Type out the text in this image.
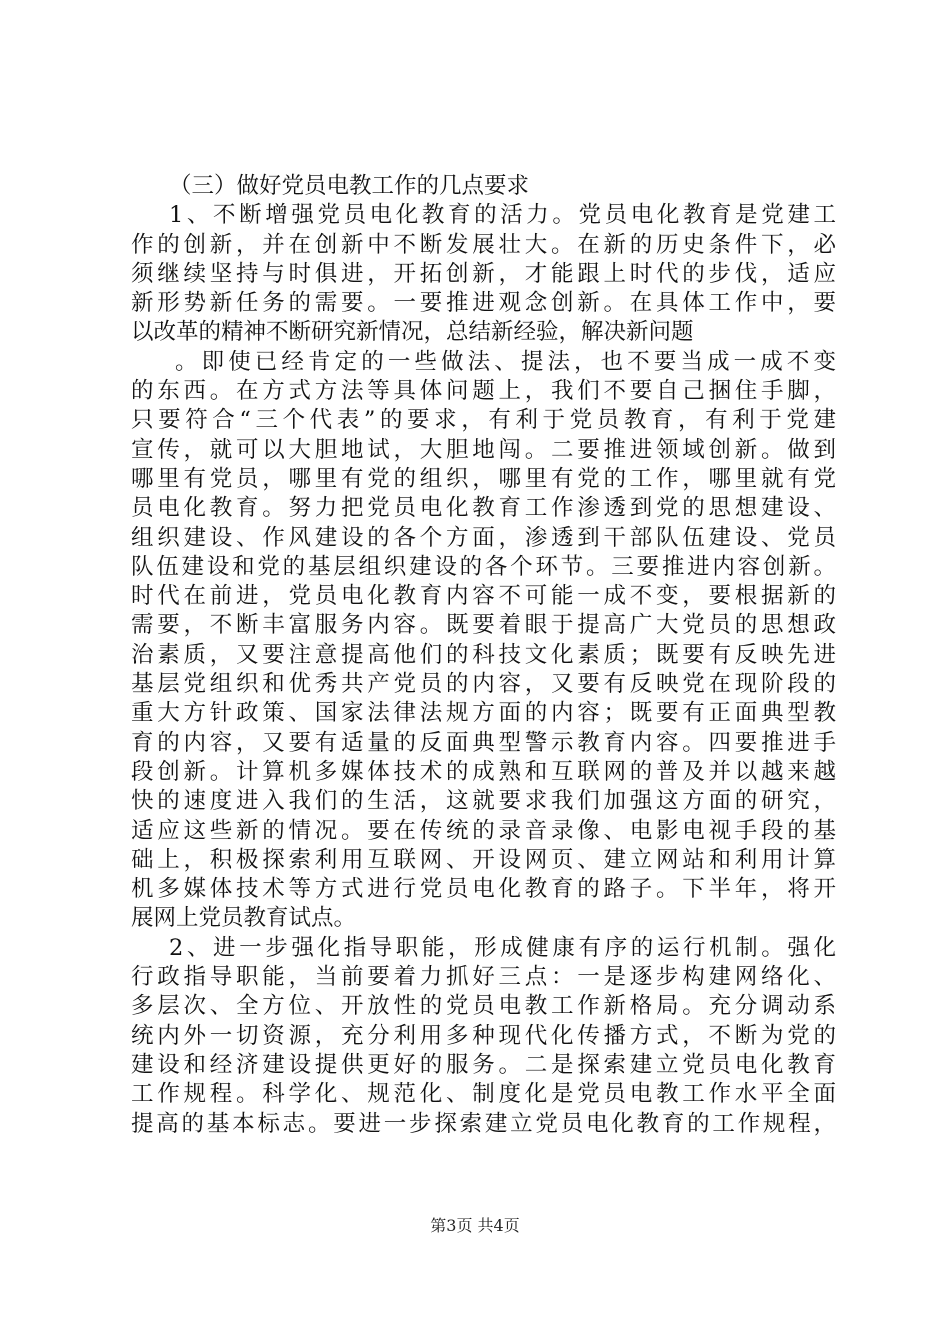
（三）做好党员电教工作的几点要求
1、不断增强党员电化教育的活力。党员电化教育是党建工
作的创新，并在创新中不断发展壮大。在新的历史条件下，必
须继续坚持与时俱进，开拓创新，才能跟上时代的步伐，适应
新形势新任务的需要。一要推进观念创新。在具体工作中，要
以改革的精神不断研究新情况，总结新经验，解决新问题
。即使已经肯定的一些做法、提法，也不要当成一成不变
的东西。在方式方法等具体问题上，我们不要自己捆住手脚，
只要符合“三个代表”的要求，有利于党员教育，有利于党建
宣传，就可以大胆地试，大胆地闯。二要推进领域创新。做到
哪里有党员，哪里有党的组织，哪里有党的工作，哪里就有党
员电化教育。努力把党员电化教育工作渗透到党的思想建设、
组织建设、作风建设的各个方面，渗透到干部队伍建设、党员
队伍建设和党的基层组织建设的各个环节。三要推进内容创新。
时代在前进，党员电化教育内容不可能一成不变，要根据新的
需要，不断丰富服务内容。既要着眼于提高广大党员的思想政
治素质，又要注意提高他们的科技文化素质；既要有反映先进
基层党组织和优秀共产党员的内容，又要有反映党在现阶段的
重大方针政策、国家法律法规方面的内容；既要有正面典型教
育的内容，又要有适量的反面典型警示教育内容。四要推进手
段创新。计算机多媒体技术的成熟和互联网的普及并以越来越
快的速度进入我们的生活，这就要求我们加强这方面的研究，
适应这些新的情况。要在传统的录音录像、电影电视手段的基
础上，积极探索利用互联网、开设网页、建立网站和利用计算
机多媒体技术等方式进行党员电化教育的路子。下半年，将开
展网上党员教育试点。
2、进一步强化指导职能，形成健康有序的运行机制。强化
行政指导职能，当前要着力抓好三点：一是逐步构建网络化、
多层次、全方位、开放性的党员电教工作新格局。充分调动系
统内外一切资源，充分利用多种现代化传播方式，不断为党的
建设和经济建设提供更好的服务。二是探索建立党员电化教育
工作规程。科学化、规范化、制度化是党员电教工作水平全面
提高的基本标志。要进一步探索建立党员电化教育的工作规程，
第3页 共4页
